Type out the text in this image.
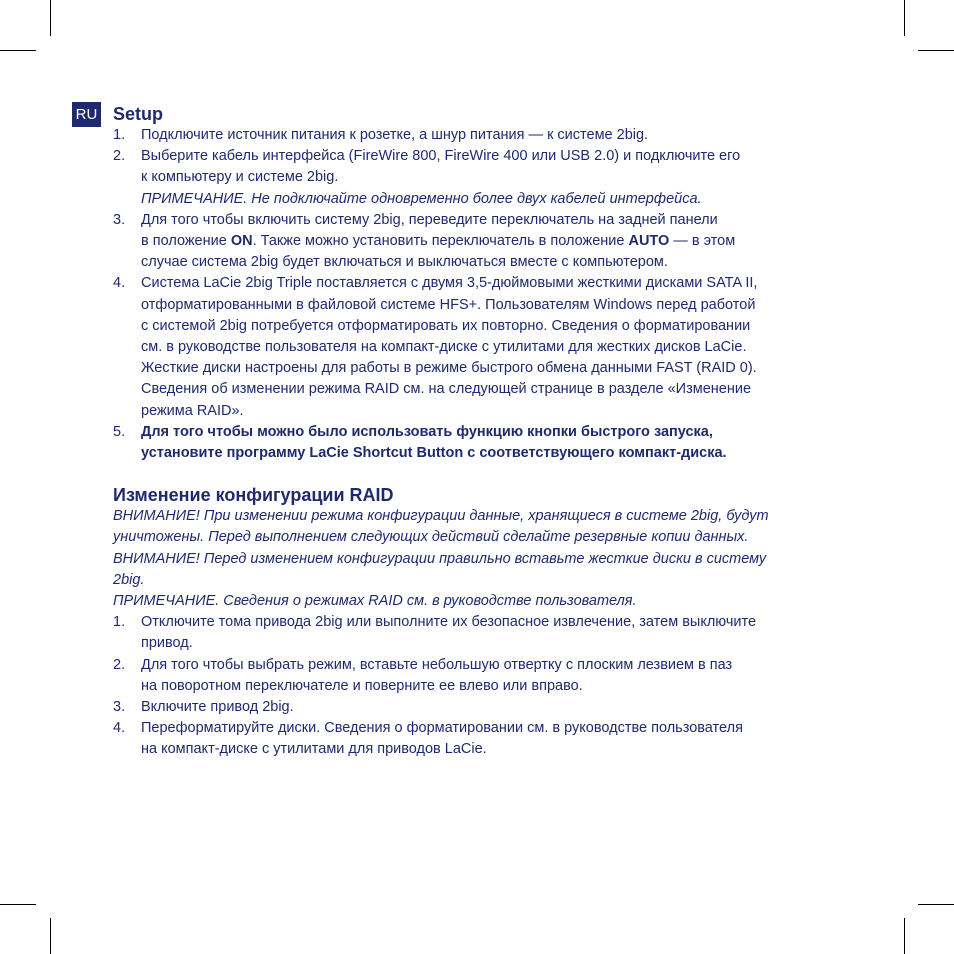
RU Setup
1. Подключите источник питания к розетке, а шнур питания — к системе 2big.
2. Выберите кабель интерфейса (FireWire 800, FireWire 400 или USB 2.0) и подключите его
к компьютеру и системе 2big.
ПРИМЕЧАНИЕ. Не подключайте одновременно более двух кабелей интерфейса.
3. Для того чтобы включить систему 2big, переведите переключатель на задней панели
в положение ON. Также можно установить переключатель в положение AUTO — в этом
случае система 2big будет включаться и выключаться вместе с компьютером.
4. Система LaCie 2big Triple поставляется с двумя 3,5-дюймовыми жесткими дисками SATA II,
отформатированными в файловой системе HFS+. Пользователям Windows перед работой
с системой 2big потребуется отформатировать их повторно. Сведения о форматировании
см. в руководстве пользователя на компакт-диске с утилитами для жестких дисков LaCie.
Жесткие диски настроены для работы в режиме быстрого обмена данными FAST (RAID 0).
Сведения об изменении режима RAID см. на следующей странице в разделе «Изменение
режима RAID».
5. Для того чтобы можно было использовать функцию кнопки быстрого запуска,
установите программу LaCie Shortcut Button с соответствующего компакт-диска.
Изменение конфигурации RAID
ВНИМАНИЕ! При изменении режима конфигурации данные, хранящиеся в системе 2big, будут
уничтожены. Перед выполнением следующих действий сделайте резервные копии данных.
ВНИМАНИЕ! Перед изменением конфигурации правильно вставьте жесткие диски в систему
2big.
ПРИМЕЧАНИЕ. Сведения о режимах RAID см. в руководстве пользователя.
1. Отключите тома привода 2big или выполните их безопасное извлечение, затем выключите
привод.
2. Для того чтобы выбрать режим, вставьте небольшую отвертку с плоским лезвием в паз
на поворотном переключателе и поверните ее влево или вправо.
3. Включите привод 2big.
4. Переформатируйте диски. Сведения о форматировании см. в руководстве пользователя
на компакт-диске с утилитами для приводов LaCie.
